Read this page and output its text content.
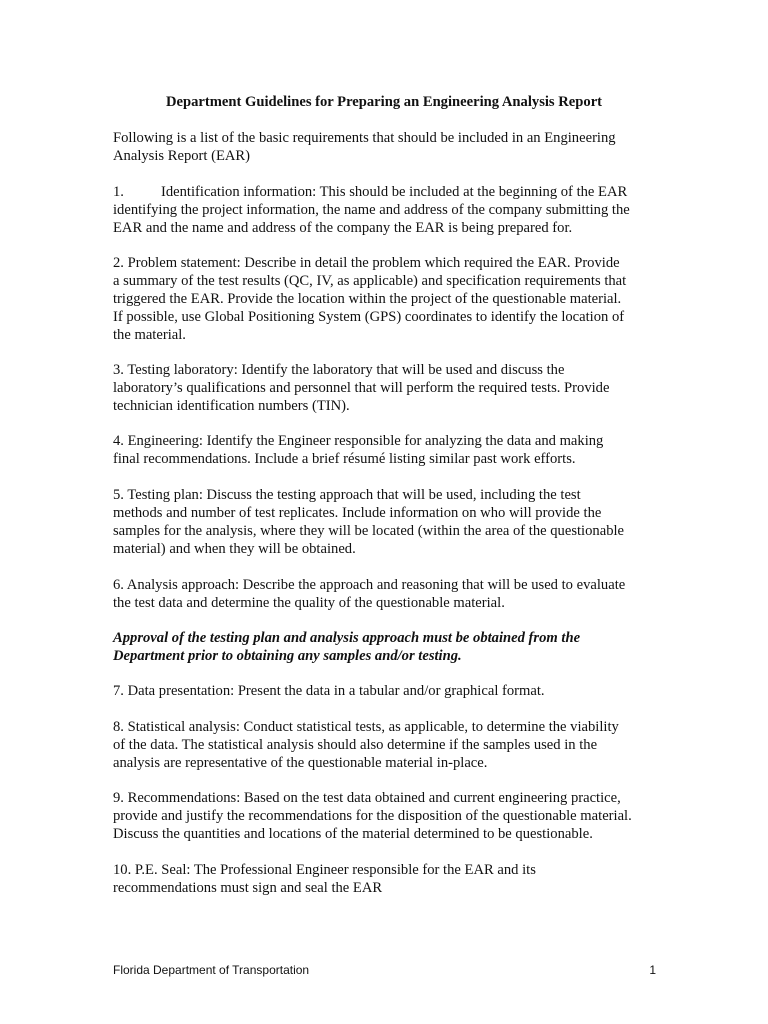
Department Guidelines for Preparing an Engineering Analysis Report

Following is a list of the basic requirements that should be included in an Engineering
Analysis Report (EAR)

1.	Identification information: This should be included at the beginning of the EAR
identifying the project information, the name and address of the company submitting the
EAR and the name and address of the company the EAR is being prepared for.

2. Problem statement: Describe in detail the problem which required the EAR. Provide
a summary of the test results (QC, IV, as applicable) and specification requirements that
triggered the EAR. Provide the location within the project of the questionable material.
If possible, use Global Positioning System (GPS) coordinates to identify the location of
the material.

3. Testing laboratory: Identify the laboratory that will be used and discuss the
laboratory’s qualifications and personnel that will perform the required tests. Provide
technician identification numbers (TIN).

4. Engineering: Identify the Engineer responsible for analyzing the data and making
final recommendations. Include a brief résumé listing similar past work efforts.

5. Testing plan: Discuss the testing approach that will be used, including the test
methods and number of test replicates. Include information on who will provide the
samples for the analysis, where they will be located (within the area of the questionable
material) and when they will be obtained.

6. Analysis approach: Describe the approach and reasoning that will be used to evaluate
the test data and determine the quality of the questionable material.

Approval of the testing plan and analysis approach must be obtained from the
Department prior to obtaining any samples and/or testing.

7. Data presentation: Present the data in a tabular and/or graphical format.

8. Statistical analysis: Conduct statistical tests, as applicable, to determine the viability
of the data. The statistical analysis should also determine if the samples used in the
analysis are representative of the questionable material in-place.

9. Recommendations: Based on the test data obtained and current engineering practice,
provide and justify the recommendations for the disposition of the questionable material.
Discuss the quantities and locations of the material determined to be questionable.

10. P.E. Seal: The Professional Engineer responsible for the EAR and its
recommendations must sign and seal the EAR

Florida Department of Transportation	1
